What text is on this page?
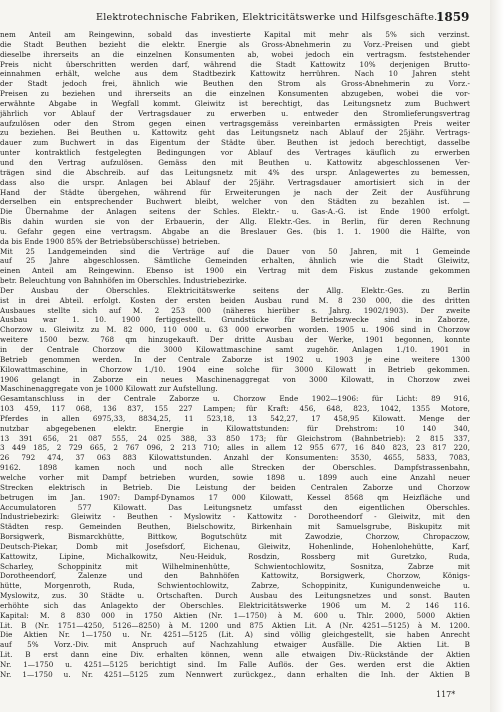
Elektrotechnische Fabriken, Elektricitätswerke und Hilfsgeschäfte.
1859
nem Anteil am Reingewinn, sobald das investierte Kapital mit mehr als 5% sich verzinst.
die Stadt Beuthen bezieht die elektr. Energie als Gross-Abnehmerin zu Vorz.-Preisen und giebt
dieselbe ihrerseits an die einzelnen Konsumenten ab, wobei jedoch ein vertragsm. feststehender
Preis nicht überschritten werden darf, während die Stadt Kattowitz 10% derjenigen Brutto-
einnahmen erhält, welche aus dem Stadtbezirk Kattowitz herrühren. Nach 10 Jahren steht
der Stadt jedoch frei, ähnlich wie Beuthen den Strom als Gross-Abnehmerin zu Vorz.-
Preisen zu beziehen und ihrerseits an die einzelnen Konsumenten abzugeben, wobei die vor-
erwähnte Abgabe in Wegfall kommt. Gleiwitz ist berechtigt, das Leitungsnetz zum Buchwert
jährlich vor Ablauf der Vertragsdauer zu erwerben u. entweder den Stromlieferungsvertrag
aufzulösen oder den Strom gegen einen vertragsgemäss vereinbarten ermässigten Preis weiter
zu beziehen. Bei Beuthen u. Kattowitz geht das Leitungsnetz nach Ablauf der 25jähr. Vertrags-
dauer zum Buchwert in das Eigentum der Städte über. Beuthen ist jedoch berechtigt, dasselbe
unter kontraktlich festgelegten Bedingungen vor Ablauf des Vertrages käuflich zu erwerben
und den Vertrag aufzulösen. Gemäss den mit Beuthen u. Kattowitz abgeschlossenen Ver-
trägen sind die Abschreib. auf das Leitungsnetz mit 4% des urspr. Anlagewertes zu bemessen,
dass also die urspr. Anlagen bei Ablauf der 25jähr. Vertragsdauer amortisiert sich in der
Hand der Städte übergehen, während für Erweiterungen je nach der Zeit der Ausführung
derselben ein entsprechender Buchwert bleibt, welcher von den Städten zu bezahlen ist. —
Die Übernahme der Anlagen seitens der Schles. Elektr.- u. Gas-A.-G. ist Ende 1900 erfolgt.
Bis dahin wurden sie von der Erbauerin, der Allg. Elektr.-Ges. in Berlin, für deren Rechnung
u. Gefahr gegen eine vertragsm. Abgabe an die Breslauer Ges. (bis 1. 1. 1900 die Hälfte, von
da bis Ende 1900 85% der Betriebsüberschüsse) betrieben.
Mit 25 Landgemeinden sind die Verträge auf die Dauer von 50 Jahren, mit 1 Gemeinde
auf 25 Jahre abgeschlossen. Sämtliche Gemeinden erhalten, ähnlich wie die Stadt Gleiwitz,
einen Anteil am Reingewinn. Ebenso ist 1900 ein Vertrag mit dem Fiskus zustande gekommen
betr. Beleuchtung von Bahnhöfen im Oberschles. Industriebezirke.
Der Ausbau der Oberschles. Elektricitätswerke seitens der Allg. Elektr.-Ges. zu Berlin
ist in drei Abteil. erfolgt. Kosten der ersten beiden Ausbau rund M. 8 230 000, die des dritten
Ausbaues stellte sich auf M. 2 253 000 (näheres hierüber s. Jahrg. 1902/1903). Der zweite
Ausbau war 1. 10. 1900 fertiggestellt. Grundstücke für Betriebszwecke sind in Zaborze,
Chorzow u. Gleiwitz zu M. 82 000, 110 000 u. 63 000 erworben worden. 1905 u. 1906 sind in Chorzow
weitere 1500 bezw. 768 qm hinzugekauft. Der dritte Ausbau der Werke, 1901 begonnen, konnte
in der Centrale Chorzow die 3000 Kilowattmaschine samt zugehör. Anlagen 1./10. 1901 in
Betrieb genommen werden. In der Centrale Zaborze ist 1902 u. 1903 je eine weitere 1300
Kilowattmaschine, in Chorzow 1./10. 1904 eine solche für 3000 Kilowatt in Betrieb gekommen.
1906 gelangt in Zaborze ein neues Maschinenaggregat von 3000 Kilowatt, in Chorzow zwei
Maschinenaggregate von je 1000 Kilowatt zur Aufstellung.
Gesamtanschluss in der Centrale Zaborze u. Chorzow Ende 1902—1906: für Licht: 89 916,
103 459, 117 068, 136 837, 155 227 Lampen; für Kraft: 456, 648, 823, 1042, 1355 Motore,
Pferdes in allen 6975,33, 8834,25, 11 523,18, 13 542,27, 17 458,95 Kilowatt. Menge der
nutzbar abgegebenen elektr. Energie in Kilowattstunden: für Drehstrom: 10 140 340,
13 391 656, 21 087 555, 24 025 388, 33 850 173; für Gleichstrom (Bahnbetrieb): 2 815 337,
3 449 185, 2 729 665, 2 767 096, 2 213 710; alles in allem 12 955 677, 16 840 823, 23 817 220,
26 792 474, 37 063 883 Kilowattstunden. Anzahl der Konsumenten: 3530, 4655, 5833, 7083,
9162. 1898 kamen noch und noch alle Strecken der Oberschles. Dampfstrassenbahn,
welche vorher mit Dampf betrieben wurden, sowie 1898 u. 1899 auch eine Anzahl neuer
Strecken elektrisch in Betrieb. Die Leistung der beiden Centralen Zaborze und Chorzow
betrugen im Jan. 1907: Dampf-Dynamos 17 000 Kilowatt, Kessel 8568 qm Heizfläche und
Accumulatoren 577 Kilowatt. Das Leitungsnetz umfasst den eigentlichen Oberschles.
Industriebezirk: Gleiwitz - Beuthen - Myslowitz - Kattowitz - Dorotheendorf - Gleiwitz, mit den
Städten resp. Gemeinden Beuthen, Bielschowitz, Birkenhain mit Samuelsgrube, Biskupitz mit
Borsigwerk, Bismarckhütte, Bittkow, Bogutschütz mit Zawodzie, Chorzow, Chropaczow,
Deutsch-Piekar, Domb mit Josefsdorf, Eichenau, Gleiwitz, Hohenlinde, Hohenlohehütte, Karf,
Kattowitz, Lipine, Michalkowitz, Neu-Heiduk, Rosdzin, Rossberg mit Guretzko, Ruda,
Scharley, Schoppinitz mit Wilhelminenhütte, Schwientochlowitz, Sosnitza, Zabrze mit
Dorotheendorf, Zalenze und den Bahnhöfen Kattowitz, Borsigwerk, Chorzow, Königs-
hütte, Morgenroth, Ruda, Schwientochlowitz, Zabrze, Schoppinitz, Kunigundenweiche u.
Myslowitz, zus. 30 Städte u. Ortschaften. Durch Ausbau des Leitungsnetzes und sonst. Bauten
erhöhte sich das Anlagekto der Oberschles. Elektricitätswerke 1906 um M. 2 146 116.
Kapital: M. 8 830 000 in 1750 Aktien (Nr. 1—1750) à M. 600 u. Thlr. 2000, 5000 Aktien
Lit. B (Nr. 1751—4250, 5126—8250) à M. 1200 und 875 Aktien Lit. A (Nr. 4251—5125) à M. 1200.
Die Aktien Nr. 1—1750 u. Nr. 4251—5125 (Lit. A) sind völlig gleichgestellt, sie haben Anrecht
auf 5% Vorz.-Div. mit Anspruch auf Nachzahlung etwaiger Ausfälle. Die Aktien Lit. B
Lit. B erst dann eine Div. erhalten können, wenn alle etwaigen Div.-Rückstände der Aktien
Nr. 1—1750 u. 4251—5125 berichtigt sind. Im Falle Auflös. der Ges. werden erst die Aktien
Nr. 1—1750 u. Nr. 4251—5125 zum Nennwert zurückgez., dann erhalten die Inh. der Aktien B
117*
